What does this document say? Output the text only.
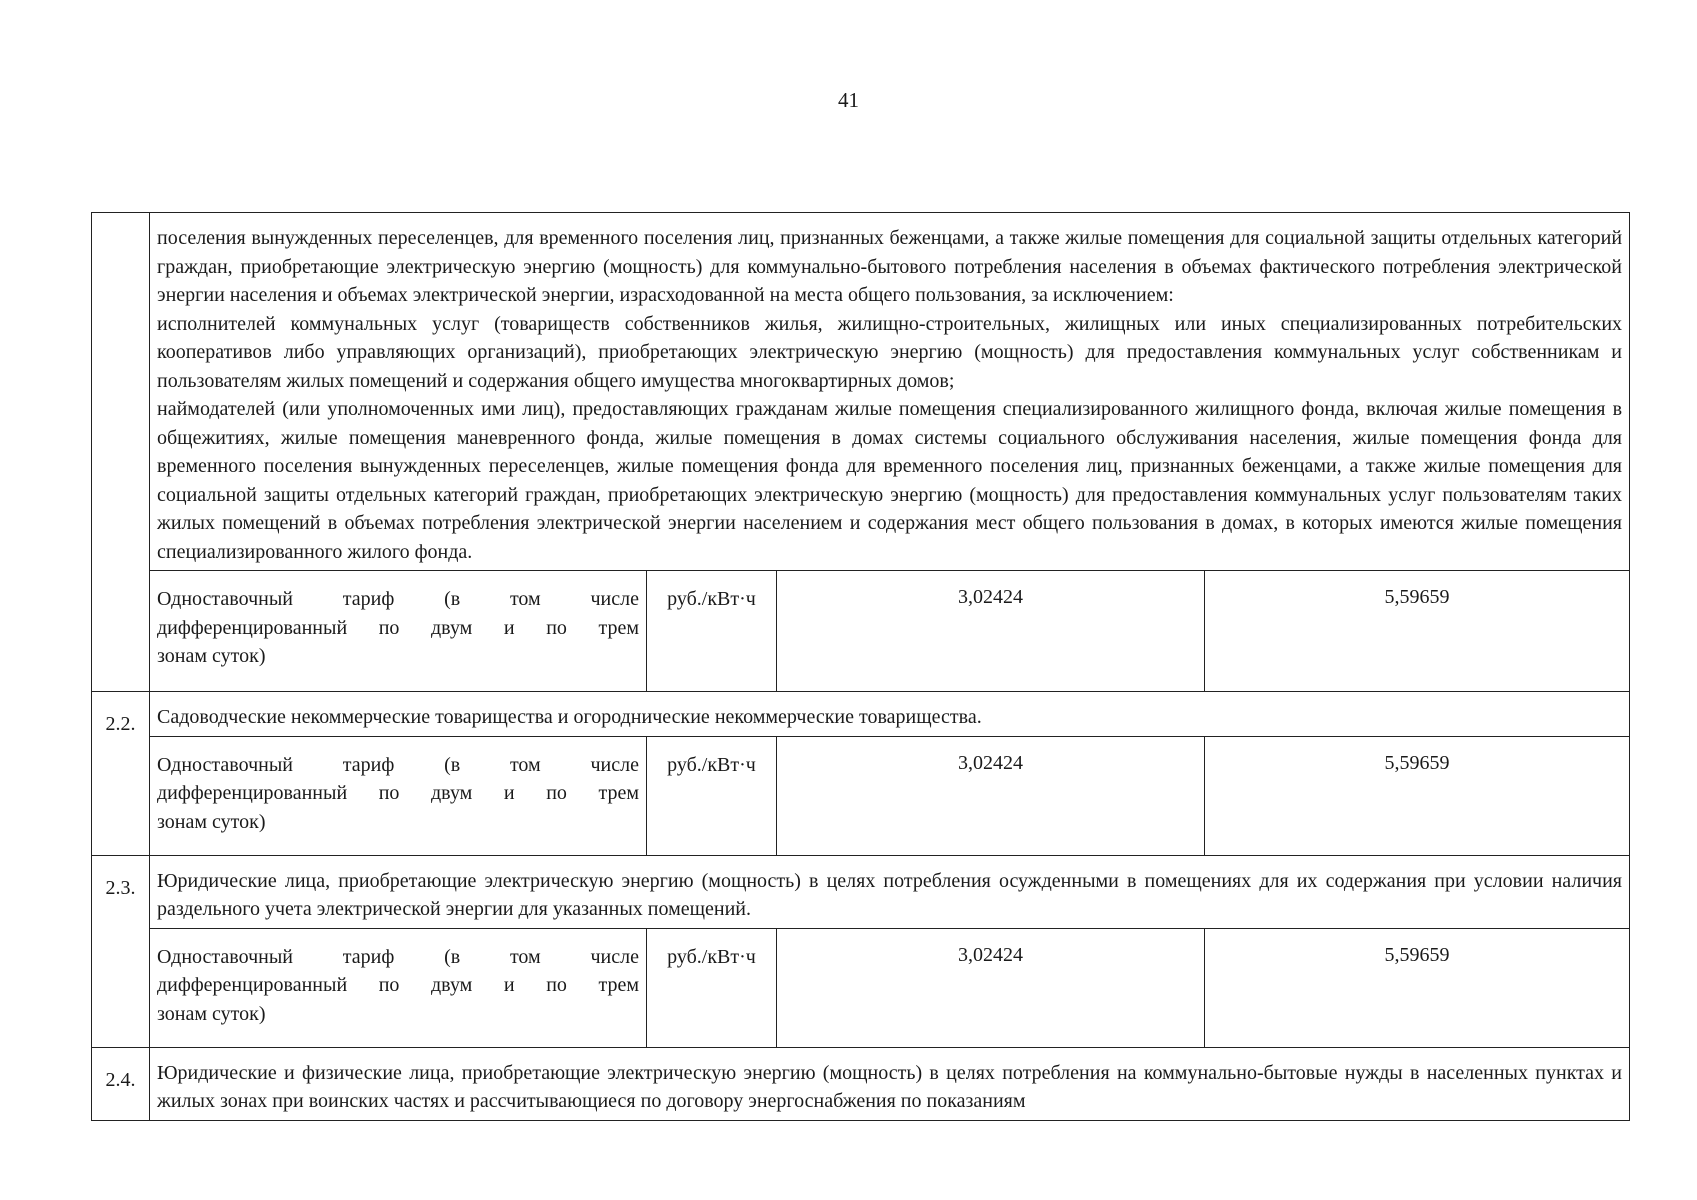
41

	поселения вынужденных переселенцев, для временного поселения лиц, признанных беженцами, а также жилые помещения для социальной защиты отдельных категорий граждан, приобретающие электрическую энергию (мощность) для коммунально-бытового потребления населения в объемах фактического потребления электрической энергии населения и объемах электрической энергии, израсходованной на места общего пользования, за исключением:

исполнителей коммунальных услуг (товариществ собственников жилья, жилищно-строительных, жилищных или иных специализированных потребительских кооперативов либо управляющих организаций), приобретающих электрическую энергию (мощность) для предоставления коммунальных услуг собственникам и пользователям жилых помещений и содержания общего имущества многоквартирных домов;

наймодателей (или уполномоченных ими лиц), предоставляющих гражданам жилые помещения специализированного жилищного фонда, включая жилые помещения в общежитиях, жилые помещения маневренного фонда, жилые помещения в домах системы социального обслуживания населения, жилые помещения фонда для временного поселения вынужденных переселенцев, жилые помещения фонда для временного поселения лиц, признанных беженцами, а также жилые помещения для социальной защиты отдельных категорий граждан, приобретающих электрическую энергию (мощность) для предоставления коммунальных услуг пользователям таких жилых помещений в объемах потребления электрической энергии населением и содержания мест общего пользования в домах, в которых имеются жилые помещения специализированного жилого фонда.			

	Одноставочный тариф (в том числе дифференцированный по двум и по трем
зонам суток)	руб./кВт·ч	3,02424	5,59659
2.2.	Садоводческие некоммерческие товарищества и огороднические некоммерческие товарищества.			
	Одноставочный тариф (в том числе дифференцированный по двум и по трем
зонам суток)	руб./кВт·ч	3,02424	5,59659
2.3.	Юридические лица, приобретающие электрическую энергию (мощность) в целях потребления осужденными в помещениях для их содержания при условии наличия раздельного учета электрической энергии для указанных помещений.			
	Одноставочный тариф (в том числе дифференцированный по двум и по трем
зонам суток)	руб./кВт·ч	3,02424	5,59659
2.4.	Юридические и физические лица, приобретающие электрическую энергию (мощность) в целях потребления на коммунально-бытовые нужды в населенных пунктах и жилых зонах при воинских частях и рассчитывающиеся по договору энергоснабжения по показаниям			
